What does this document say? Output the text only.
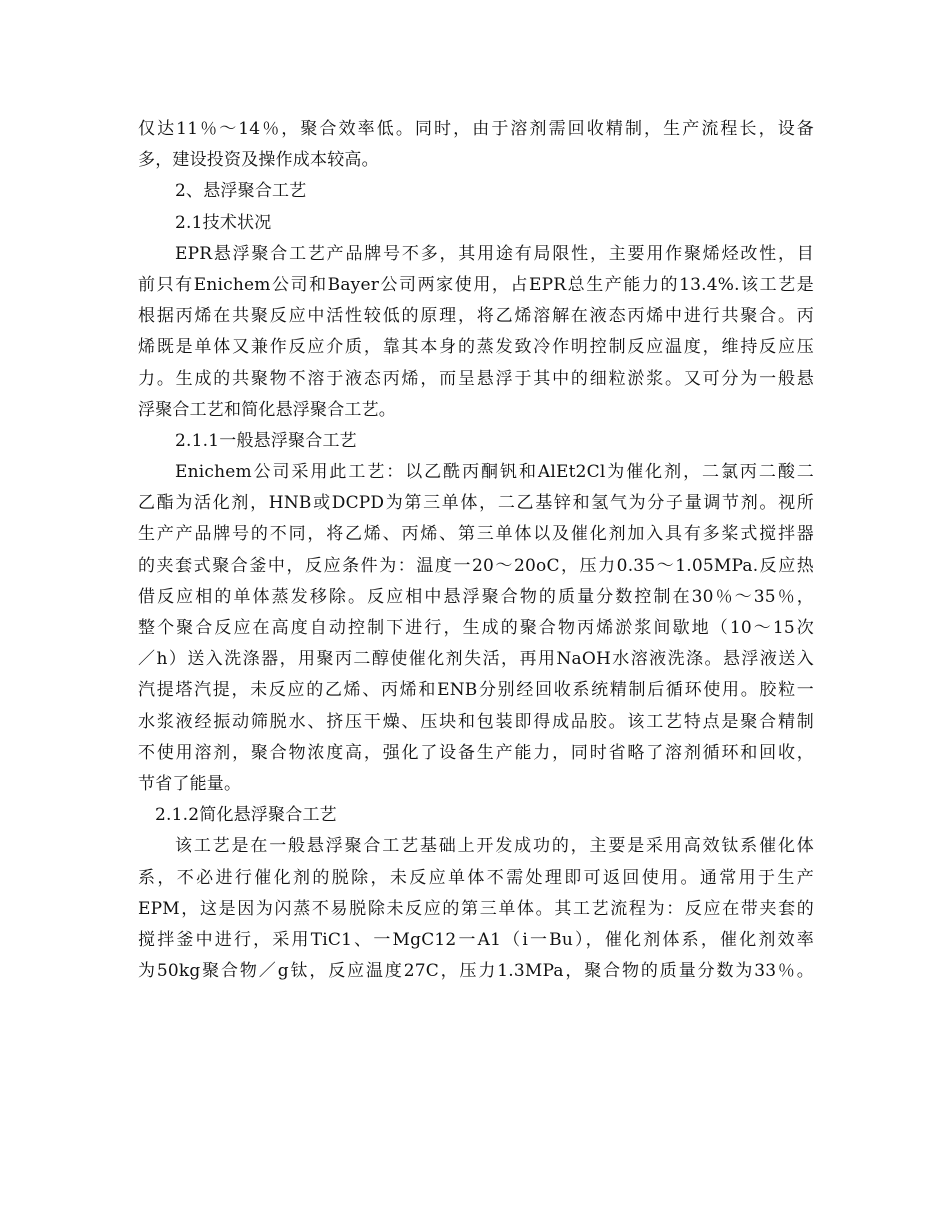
仅达11％～14％，聚合效率低。同时，由于溶剂需回收精制，生产流程长，设备
多，建设投资及操作成本较高。
2、悬浮聚合工艺
2.1技术状况
EPR悬浮聚合工艺产品牌号不多，其用途有局限性，主要用作聚烯烃改性，目
前只有Enichem公司和Bayer公司两家使用，占EPR总生产能力的13.4%.该工艺是
根据丙烯在共聚反应中活性较低的原理，将乙烯溶解在液态丙烯中进行共聚合。丙
烯既是单体又兼作反应介质，靠其本身的蒸发致冷作明控制反应温度，维持反应压
力。生成的共聚物不溶于液态丙烯，而呈悬浮于其中的细粒淤浆。又可分为一般悬
浮聚合工艺和简化悬浮聚合工艺。
2.1.1一般悬浮聚合工艺
Enichem公司采用此工艺：以乙酰丙酮钒和AlEt2Cl为催化剂，二氯丙二酸二
乙酯为活化剂，HNB或DCPD为第三单体，二乙基锌和氢气为分子量调节剂。视所
生产产品牌号的不同，将乙烯、丙烯、第三单体以及催化剂加入具有多桨式搅拌器
的夹套式聚合釜中，反应条件为：温度一20～20oC，压力0.35～1.05MPa.反应热
借反应相的单体蒸发移除。反应相中悬浮聚合物的质量分数控制在30％～35％，
整个聚合反应在高度自动控制下进行，生成的聚合物丙烯淤浆间歇地（10～15次
／h）送入洗涤器，用聚丙二醇使催化剂失活，再用NaOH水溶液洗涤。悬浮液送入
汽提塔汽提，未反应的乙烯、丙烯和ENB分别经回收系统精制后循环使用。胶粒一
水浆液经振动筛脱水、挤压干燥、压块和包装即得成品胶。该工艺特点是聚合精制
不使用溶剂，聚合物浓度高，强化了设备生产能力，同时省略了溶剂循环和回收，
节省了能量。
2.1.2简化悬浮聚合工艺
该工艺是在一般悬浮聚合工艺基础上开发成功的，主要是采用高效钛系催化体
系，不必进行催化剂的脱除，未反应单体不需处理即可返回使用。通常用于生产
EPM，这是因为闪蒸不易脱除未反应的第三单体。其工艺流程为：反应在带夹套的
搅拌釜中进行，采用TiC1、一MgC12一A1（i一Bu），催化剂体系，催化剂效率
为50kg聚合物／g钛，反应温度27C，压力1.3MPa，聚合物的质量分数为33％。
